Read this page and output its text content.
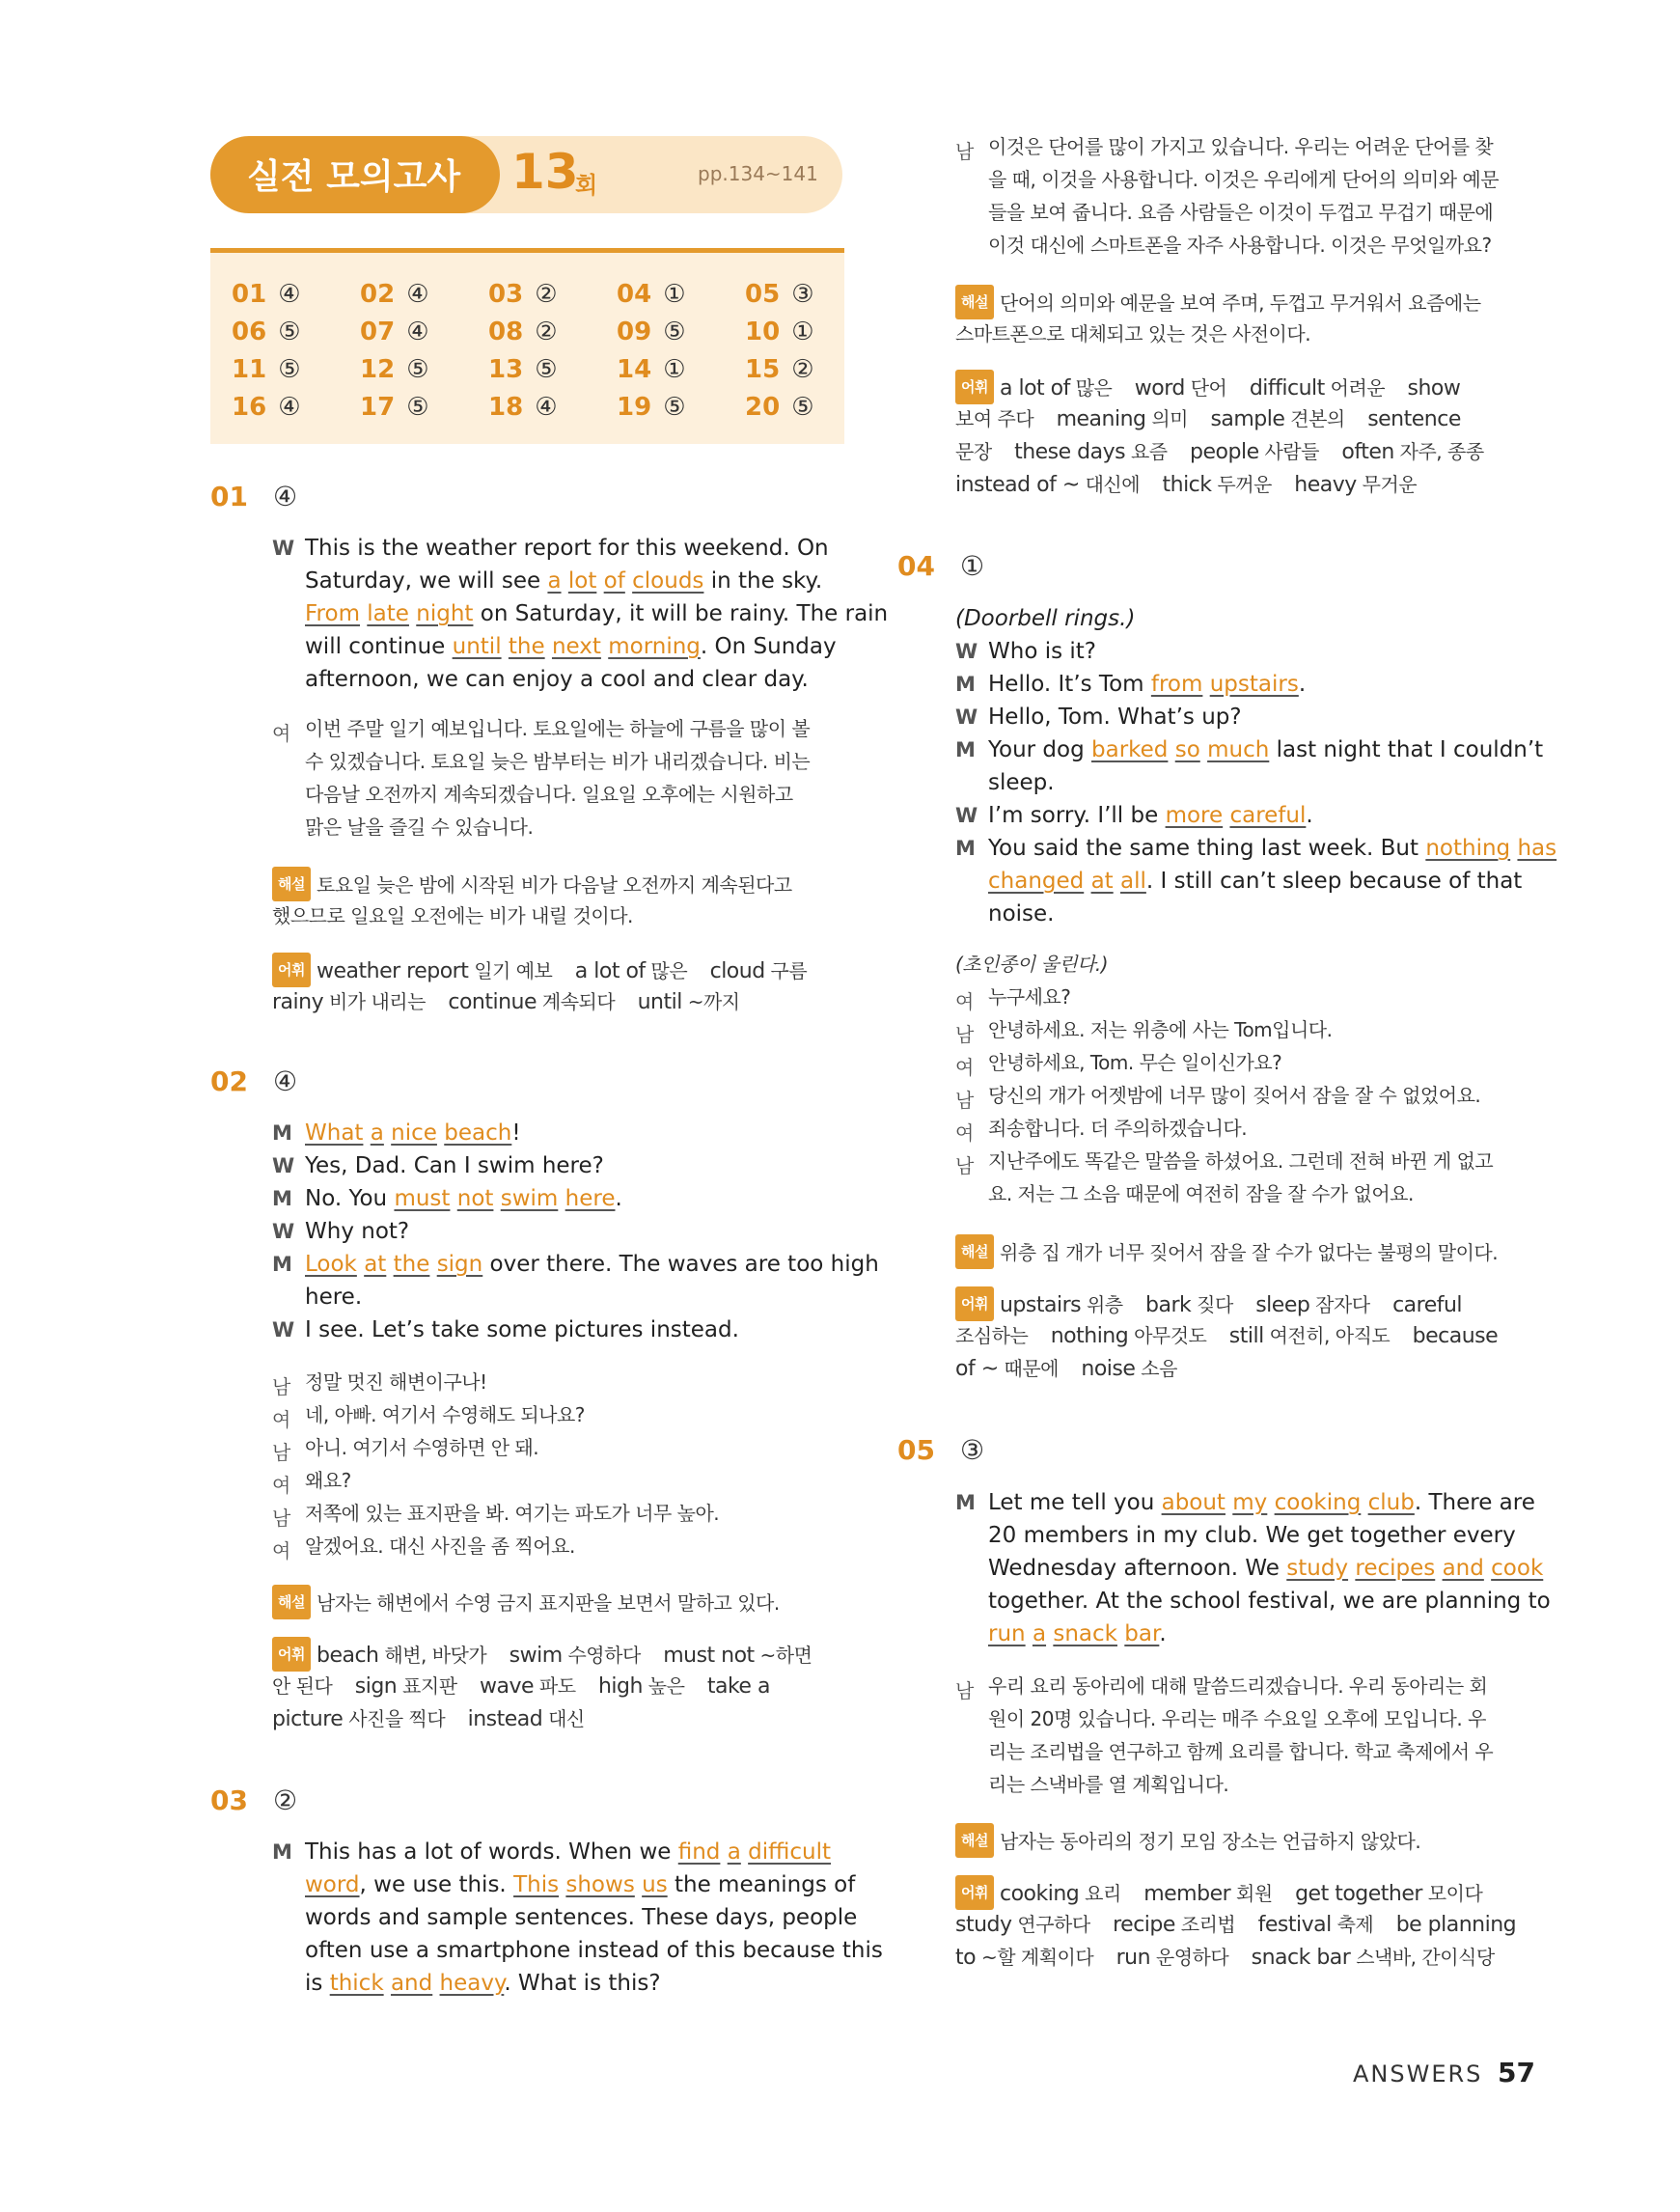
실전 모의고사 13
회	pp.134~141
01 ④ 02 ④ 03 ② 04 ① 05 ③
06 ⑤ 07 ④ 08 ② 09 ⑤ 10 ①
11 ⑤ 12 ⑤ 13 ⑤ 14 ① 15 ②
16 ④ 17 ⑤ 18 ④ 19 ⑤ 20 ⑤
01 ④
W This is the weather report for this weekend. On
Saturday, we will see a lot of clouds in the sky.
From late night on Saturday, it will be rainy. The rain
will continue until the next morning. On Sunday
afternoon, we can enjoy a cool and clear day.
여 이번 주말 일기 예보입니다. 토요일에는 하늘에 구름을 많이 볼
수 있겠습니다. 토요일 늦은 밤부터는 비가 내리겠습니다. 비는
다음날 오전까지 계속되겠습니다. 일요일 오후에는 시원하고
맑은 날을 즐길 수 있습니다.
해설 토요일 늦은 밤에 시작된 비가 다음날 오전까지 계속된다고
했으므로 일요일 오전에는 비가 내릴 것이다.
어휘 weather report 일기 예보    a lot of 많은    cloud 구름
rainy 비가 내리는    continue 계속되다    until ~까지
02 ④
M What a nice beach!
W Yes, Dad. Can I swim here?
M No. You must not swim here.
W Why not?
M Look at the sign over there. The waves are too high
here.
W I see. Let’s take some pictures instead.
남 정말 멋진 해변이구나!
여 네, 아빠. 여기서 수영해도 되나요?
남 아니. 여기서 수영하면 안 돼.
여 왜요?
남 저쪽에 있는 표지판을 봐. 여기는 파도가 너무 높아.
여 알겠어요. 대신 사진을 좀 찍어요.
해설 남자는 해변에서 수영 금지 표지판을 보면서 말하고 있다.
어휘 beach 해변, 바닷가    swim 수영하다    must not ~하면
안 된다    sign 표지판    wave 파도    high 높은    take a
picture 사진을 찍다    instead 대신
03 ②
M This has a lot of words. When we find a difficult
word, we use this. This shows us the meanings of
words and sample sentences. These days, people
often use a smartphone instead of this because this
is thick and heavy. What is this?
남 이것은 단어를 많이 가지고 있습니다. 우리는 어려운 단어를 찾
을 때, 이것을 사용합니다. 이것은 우리에게 단어의 의미와 예문
들을 보여 줍니다. 요즘 사람들은 이것이 두껍고 무겁기 때문에
이것 대신에 스마트폰을 자주 사용합니다. 이것은 무엇일까요?
해설 단어의 의미와 예문을 보여 주며, 두껍고 무거워서 요즘에는
스마트폰으로 대체되고 있는 것은 사전이다.
어휘 a lot of 많은    word 단어    difficult 어려운    show
보여 주다    meaning 의미    sample 견본의    sentence
문장    these days 요즘    people 사람들    often 자주, 종종
instead of ~ 대신에    thick 두꺼운    heavy 무거운
04 ①
(Doorbell rings.)
W Who is it?
M Hello. It’s Tom from upstairs.
W Hello, Tom. What’s up?
M Your dog barked so much last night that I couldn’t
sleep.
W I’m sorry. I’ll be more careful.
M You said the same thing last week. But nothing has
changed at all. I still can’t sleep because of that
noise.
(초인종이 울린다.)
여 누구세요?
남 안녕하세요. 저는 위층에 사는 Tom입니다.
여 안녕하세요, Tom. 무슨 일이신가요?
남 당신의 개가 어젯밤에 너무 많이 짖어서 잠을 잘 수 없었어요.
여 죄송합니다. 더 주의하겠습니다.
남 지난주에도 똑같은 말씀을 하셨어요. 그런데 전혀 바뀐 게 없고
요. 저는 그 소음 때문에 여전히 잠을 잘 수가 없어요.
해설 위층 집 개가 너무 짖어서 잠을 잘 수가 없다는 불평의 말이다.
어휘 upstairs 위층    bark 짖다    sleep 잠자다    careful
조심하는    nothing 아무것도    still 여전히, 아직도    because
of ~ 때문에    noise 소음
05 ③
M Let me tell you about my cooking club. There are
20 members in my club. We get together every
Wednesday afternoon. We study recipes and cook
together. At the school festival, we are planning to
run a snack bar.
남 우리 요리 동아리에 대해 말씀드리겠습니다. 우리 동아리는 회
원이 20명 있습니다. 우리는 매주 수요일 오후에 모입니다. 우
리는 조리법을 연구하고 함께 요리를 합니다. 학교 축제에서 우
리는 스낵바를 열 계획입니다.
해설 남자는 동아리의 정기 모임 장소는 언급하지 않았다.
어휘 cooking 요리    member 회원    get together 모이다
study 연구하다    recipe 조리법    festival 축제    be planning
to ~할 계획이다    run 운영하다    snack bar 스낵바, 간이식당
ANSWERS 57
